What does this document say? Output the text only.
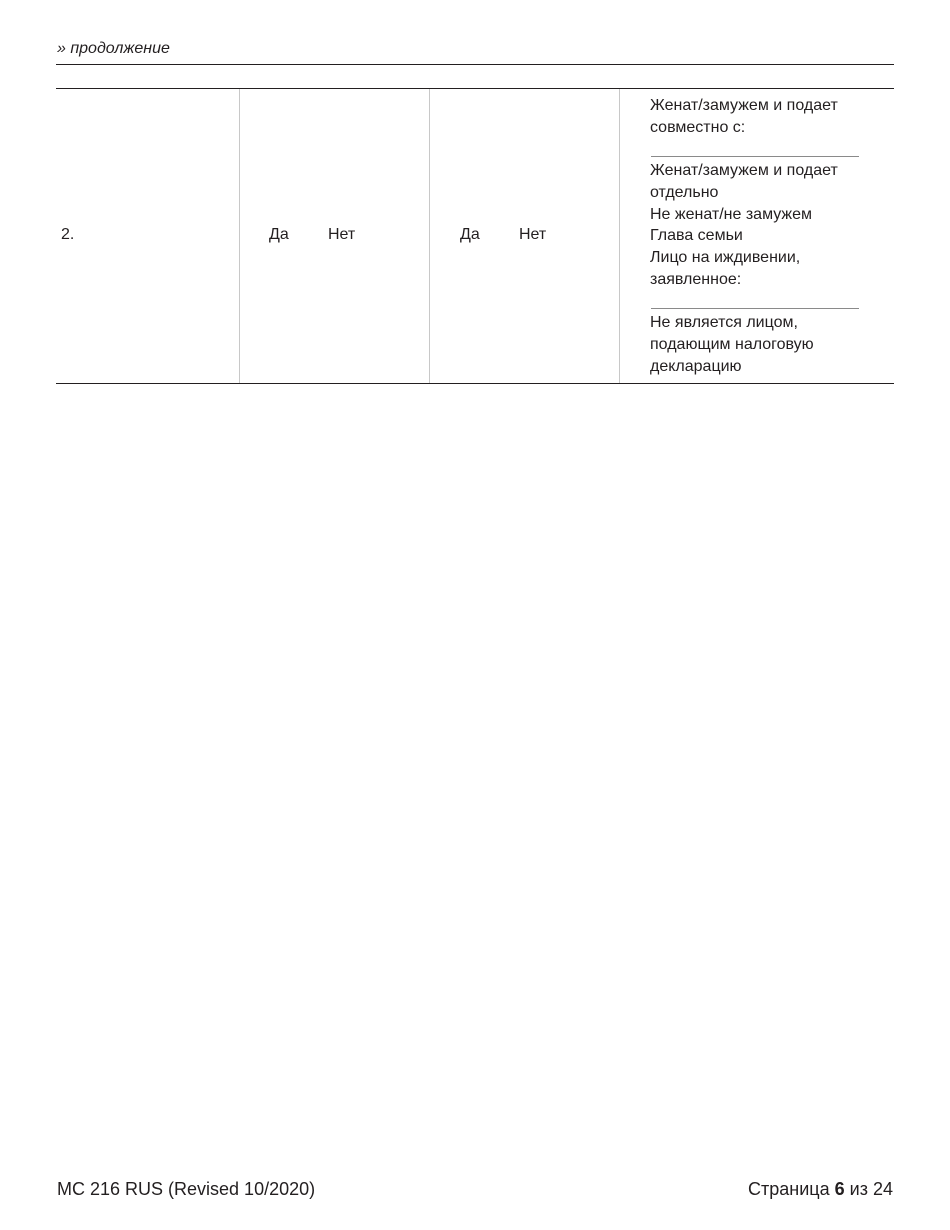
» продолжение
2.	Да Нет	Да Нет
Женат/замужем и подает
совместно с:
Женат/замужем и подает
отдельно
Не женат/не замужем
Глава семьи
Лицо на иждивении,
заявленное:
Не является лицом,
подающим налоговую
декларацию
MC 216 RUS (Revised 10/2020)	Страница 6 из 24
